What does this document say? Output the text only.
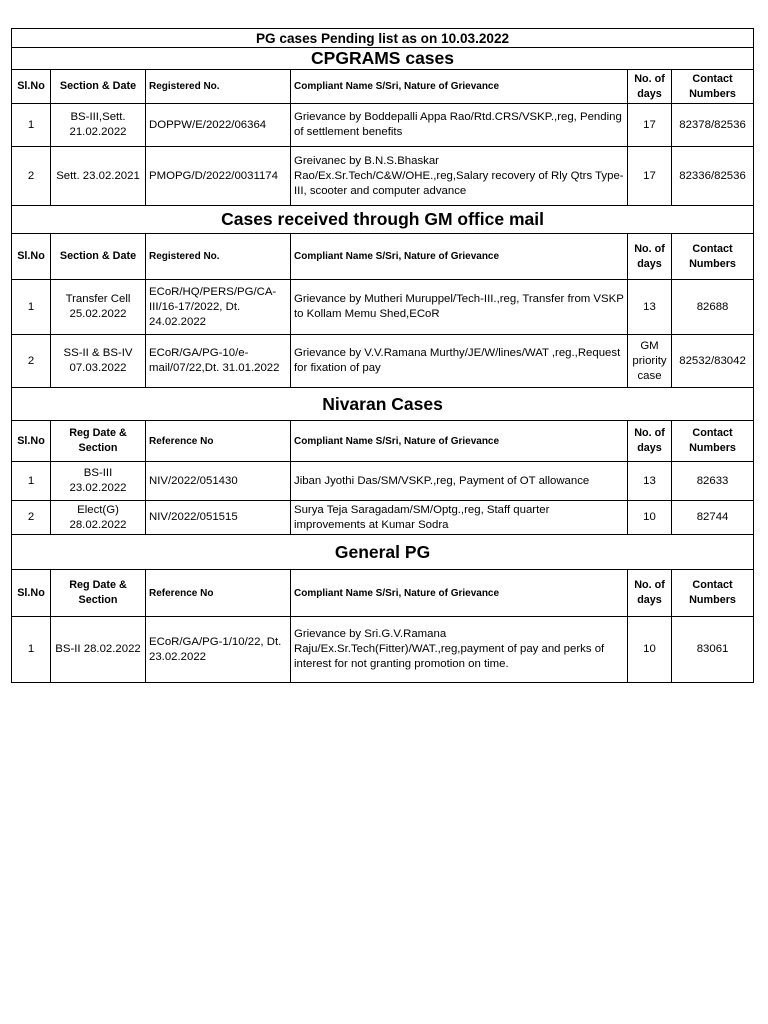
PG cases Pending list as on 10.03.2022					
CPGRAMS cases					
Sl.No	Section & Date	Registered No.	Compliant Name S/Sri, Nature of Grievance	No. of days	Contact Numbers
1	BS-III,Sett. 21.02.2022	DOPPW/E/2022/06364	Grievance by Boddepalli Appa Rao/Rtd.CRS/VSKP.,reg, Pending of settlement benefits	17	82378/82536
2	Sett. 23.02.2021	PMOPG/D/2022/0031174	Greivanec by B.N.S.Bhaskar Rao/Ex.Sr.Tech/C&W/OHE.,reg,Salary recovery of Rly Qtrs Type-III, scooter and computer advance	17	82336/82536
Cases received through GM office mail					
Sl.No	Section & Date	Registered No.	Compliant Name S/Sri, Nature of Grievance	No. of days	Contact Numbers
1	Transfer Cell 25.02.2022	ECoR/HQ/PERS/PG/CA-III/16-17/2022, Dt. 24.02.2022	Grievance by Mutheri Muruppel/Tech-III.,reg, Transfer from VSKP to Kollam Memu Shed,ECoR	13	82688
2	SS-II & BS-IV 07.03.2022	ECoR/GA/PG-10/e-mail/07/22,Dt. 31.01.2022	Grievance by V.V.Ramana Murthy/JE/W/lines/WAT ,reg.,Request for fixation of pay	GM priority case	82532/83042
Nivaran Cases					
Sl.No	Reg Date & Section	Reference No	Compliant Name S/Sri, Nature of Grievance	No. of days	Contact Numbers
1	BS-III 23.02.2022	NIV/2022/051430	Jiban Jyothi Das/SM/VSKP.,reg, Payment of OT allowance	13	82633
2	Elect(G) 28.02.2022	NIV/2022/051515	Surya Teja Saragadam/SM/Optg.,reg, Staff quarter improvements at Kumar Sodra	10	82744
General PG					
Sl.No	Reg Date & Section	Reference No	Compliant Name S/Sri, Nature of Grievance	No. of days	Contact Numbers
1	BS-II 28.02.2022	ECoR/GA/PG-1/10/22, Dt. 23.02.2022	Grievance by Sri.G.V.Ramana Raju/Ex.Sr.Tech(Fitter)/WAT.,reg,payment of pay and perks of interest for not granting promotion on time.	10	83061
